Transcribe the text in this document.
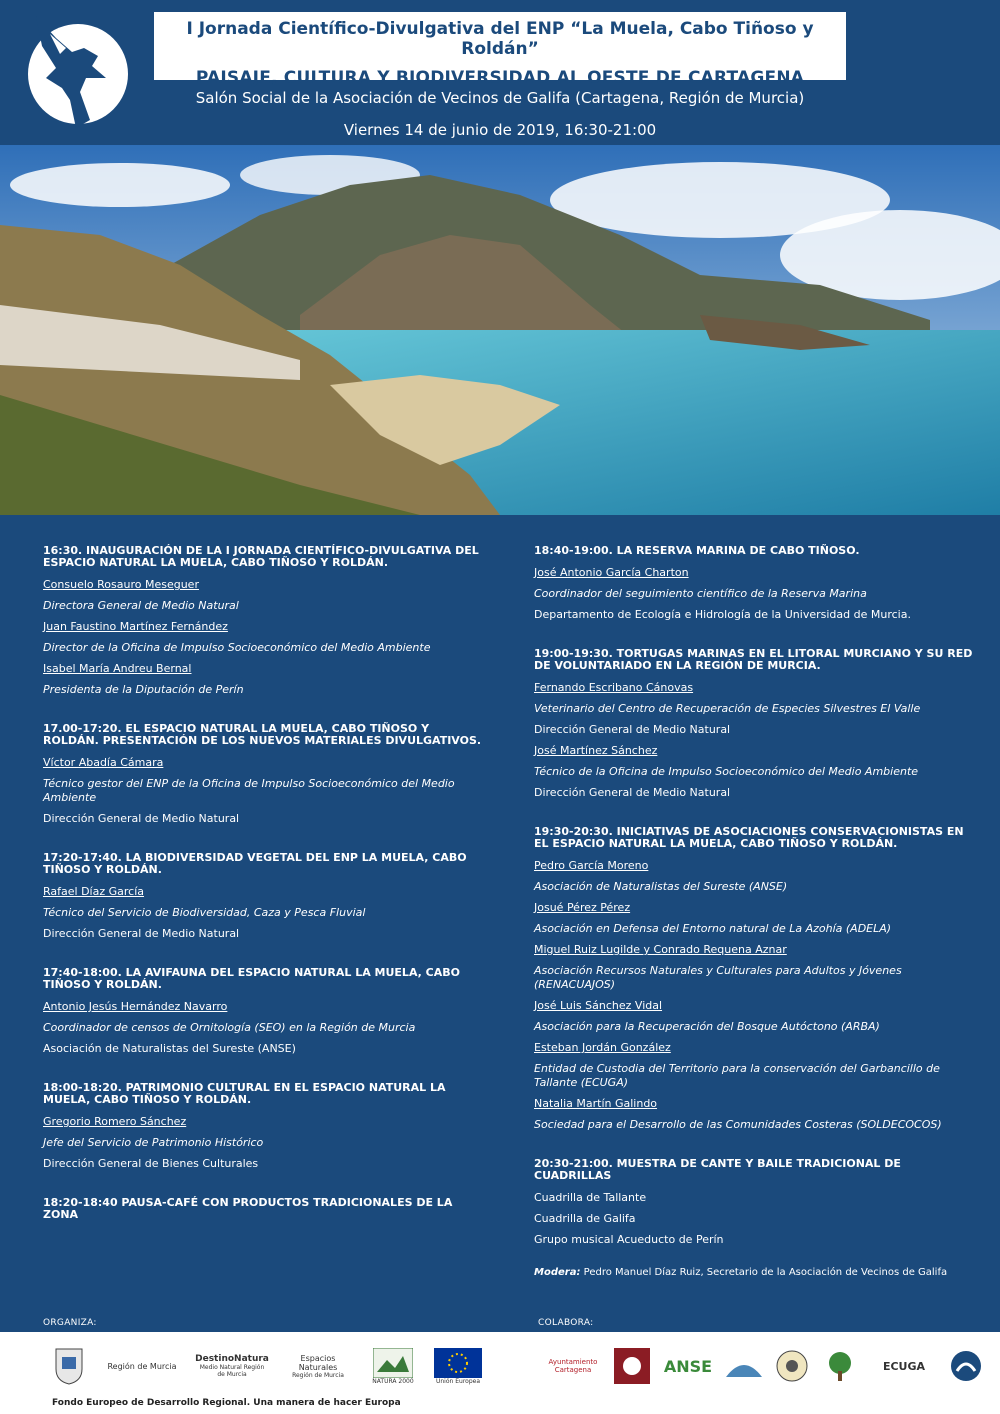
I Jornada Científico-Divulgativa del ENP “La Muela, Cabo Tiñoso y Roldán”
PAISAJE, CULTURA Y BIODIVERSIDAD AL OESTE DE CARTAGENA
Salón Social de la Asociación de Vecinos de Galifa (Cartagena, Región de Murcia)
Viernes 14 de junio de 2019, 16:30-21:00
16:30. INAUGURACIÓN DE LA I JORNADA CIENTÍFICO-DIVULGATIVA DEL ESPACIO NATURAL LA MUELA, CABO TIÑOSO Y ROLDÁN.
Consuelo Rosauro Meseguer
Directora General de Medio Natural
Juan Faustino Martínez Fernández
Director de la Oficina de Impulso Socioeconómico del Medio Ambiente
Isabel María Andreu Bernal
Presidenta de la Diputación de Perín
17.00-17:20. EL ESPACIO NATURAL LA MUELA, CABO TIÑOSO Y ROLDÁN. PRESENTACIÓN DE LOS NUEVOS MATERIALES DIVULGATIVOS.
Víctor Abadía Cámara
Técnico gestor del ENP de la Oficina de Impulso Socioeconómico del Medio Ambiente
Dirección General de Medio Natural
17:20-17:40. LA BIODIVERSIDAD VEGETAL DEL ENP LA MUELA, CABO TIÑOSO Y ROLDÁN.
Rafael Díaz García
Técnico del Servicio de Biodiversidad, Caza y Pesca Fluvial
Dirección General de Medio Natural
17:40-18:00. LA AVIFAUNA DEL ESPACIO NATURAL LA MUELA, CABO TIÑOSO Y ROLDÁN.
Antonio Jesús Hernández Navarro
Coordinador de censos de Ornitología (SEO) en la Región de Murcia
Asociación de Naturalistas del Sureste (ANSE)
18:00-18:20. PATRIMONIO CULTURAL EN EL ESPACIO NATURAL LA MUELA, CABO TIÑOSO Y ROLDÁN.
Gregorio Romero Sánchez
Jefe del Servicio de Patrimonio Histórico
Dirección General de Bienes Culturales
18:20-18:40 PAUSA-CAFÉ CON PRODUCTOS TRADICIONALES DE LA ZONA
18:40-19:00. LA RESERVA MARINA DE CABO TIÑOSO.
José Antonio García Charton
Coordinador del seguimiento científico de la Reserva Marina
Departamento de Ecología e Hidrología de la Universidad de Murcia.
19:00-19:30. TORTUGAS MARINAS EN EL LITORAL MURCIANO Y SU RED DE VOLUNTARIADO EN LA REGIÓN DE MURCIA.
Fernando Escribano Cánovas
Veterinario del Centro de Recuperación de Especies Silvestres El Valle
Dirección General de Medio Natural
José Martínez Sánchez
Técnico de la Oficina de Impulso Socioeconómico del Medio Ambiente
Dirección General de Medio Natural
19:30-20:30. INICIATIVAS DE ASOCIACIONES CONSERVACIONISTAS EN EL ESPACIO NATURAL LA MUELA, CABO TIÑOSO Y ROLDÁN.
Pedro García Moreno
Asociación de Naturalistas del Sureste (ANSE)
Josué Pérez Pérez
Asociación en Defensa del Entorno natural de La Azohía (ADELA)
Miguel Ruiz Lugilde y Conrado Requena Aznar
Asociación Recursos Naturales y Culturales para Adultos y Jóvenes (RENACUAJOS)
José Luis Sánchez Vidal
Asociación para la Recuperación del Bosque Autóctono (ARBA)
Esteban Jordán González
Entidad de Custodia del Territorio para la conservación del Garbancillo de Tallante (ECUGA)
Natalia Martín Galindo
Sociedad para el Desarrollo de las Comunidades Costeras (SOLDECOCOS)
20:30-21:00. MUESTRA DE CANTE Y BAILE TRADICIONAL DE CUADRILLAS
Cuadrilla de Tallante
Cuadrilla de Galifa
Grupo musical Acueducto de Perín
Modera: Pedro Manuel Díaz Ruiz, Secretario de la Asociación de Vecinos de Galifa
ORGANIZA:	COLABORA:
Región de Murcia
DestinoNatura
Medio Natural Región de Murcia
Espacios Naturales
Región de Murcia
NATURA 2000	Unión Europea
Ayuntamiento Cartagena	ANSE	ECUGA
Fondo Europeo de Desarrollo Regional. Una manera de hacer Europa
